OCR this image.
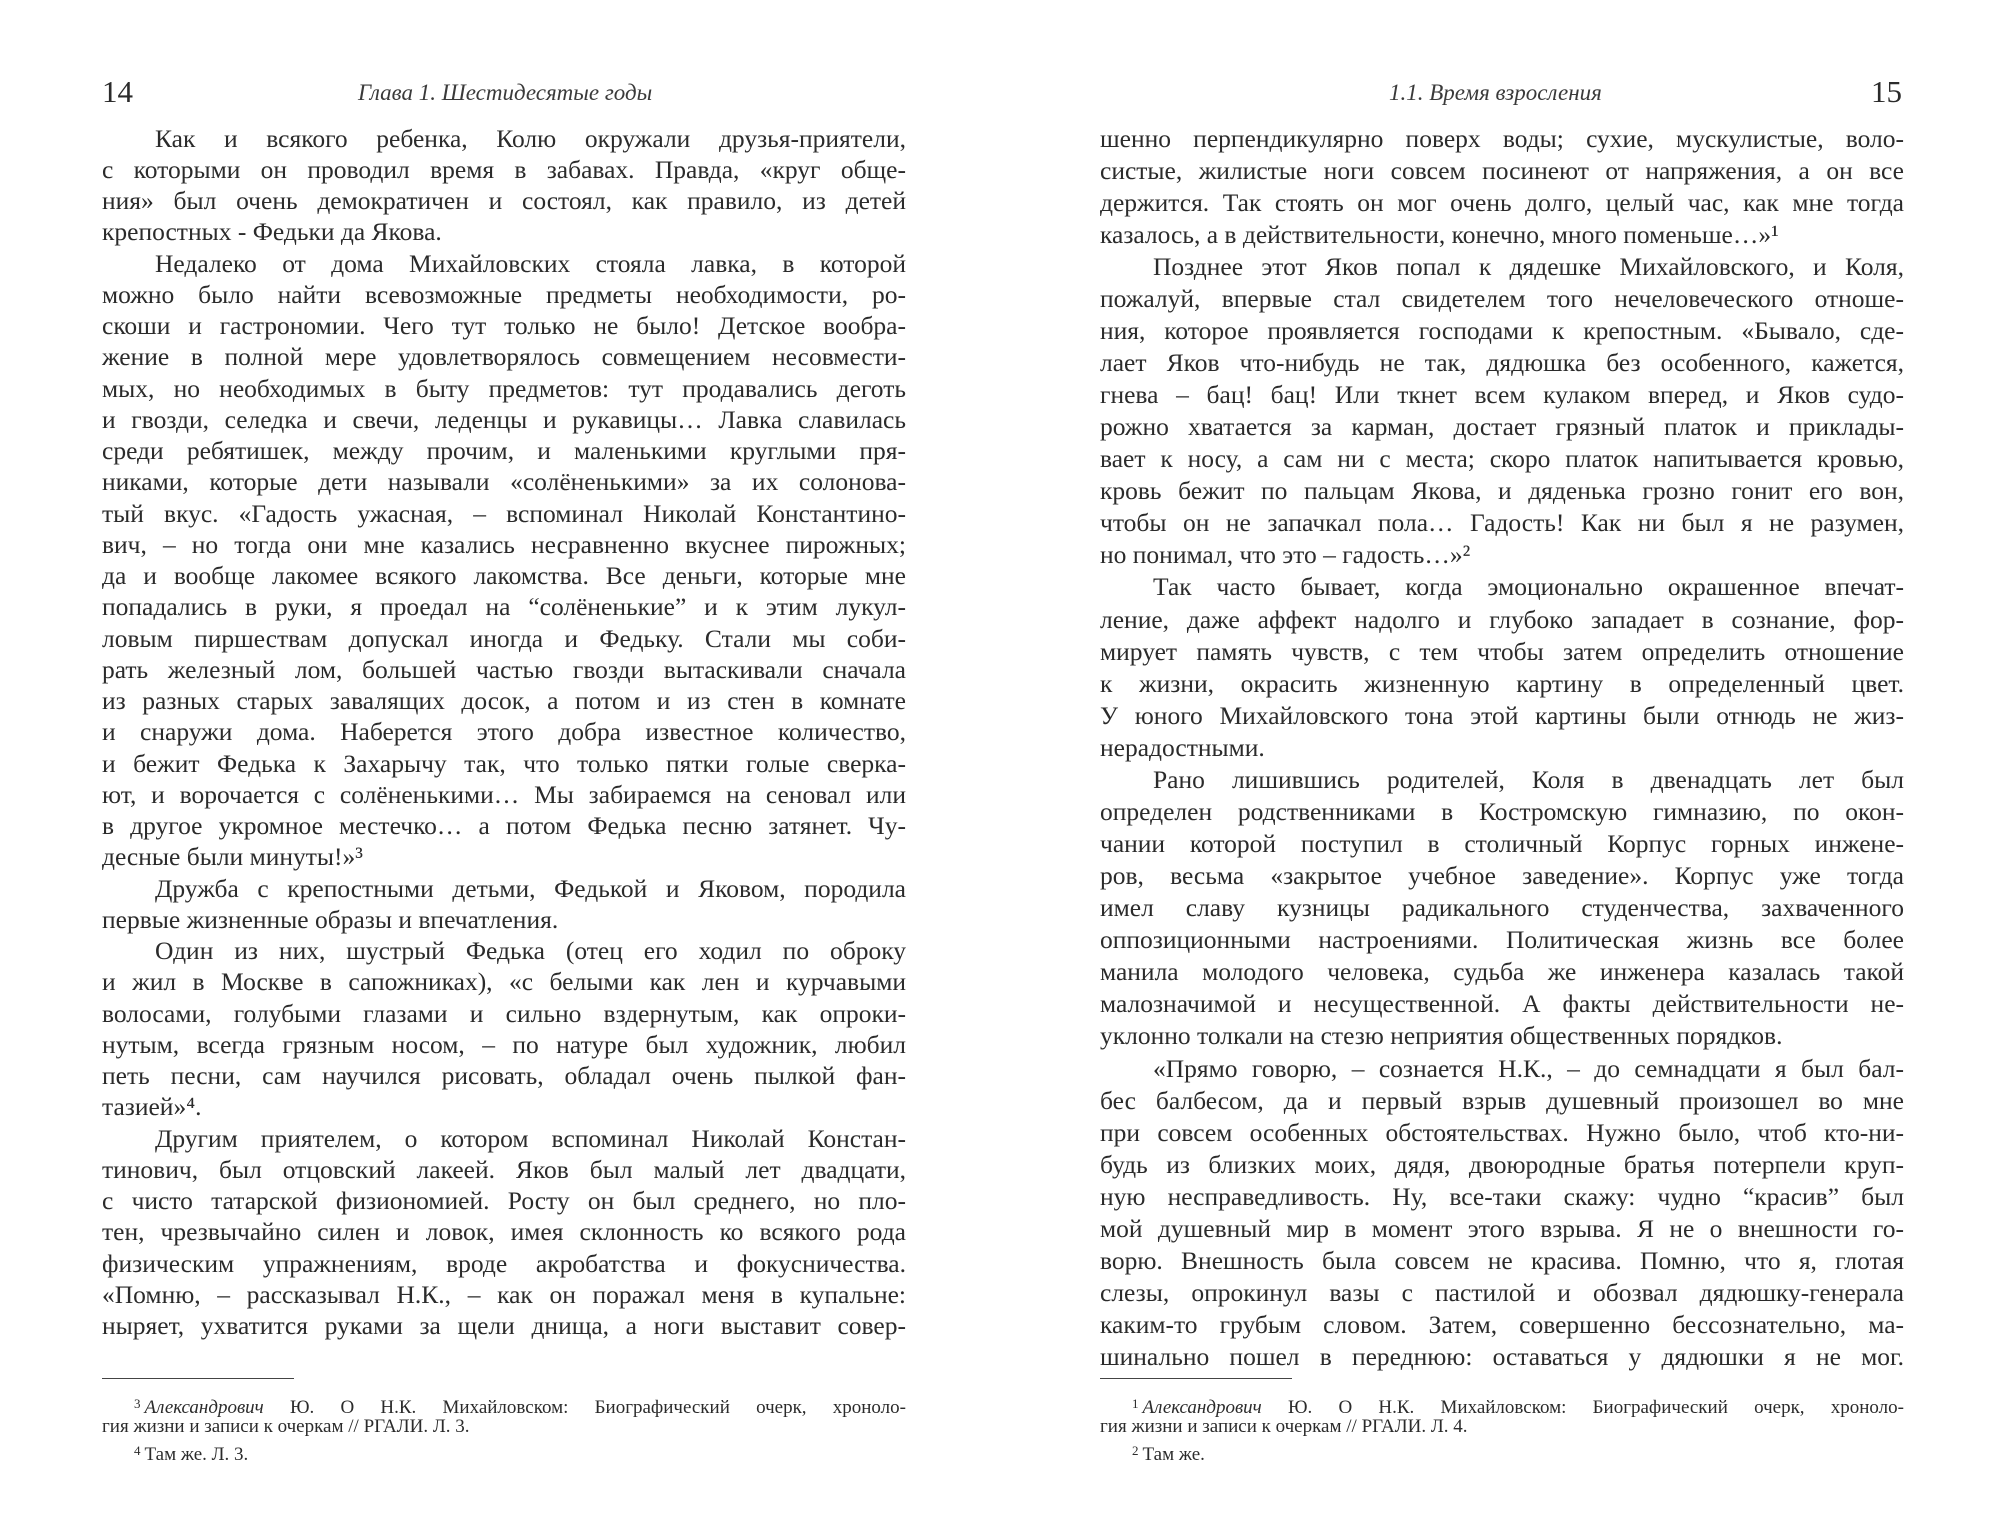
14	Глава 1. Шестидесятые годы
Как и всякого ребенка, Колю окружали друзья-приятели,
с которыми он проводил время в забавах. Правда, «круг обще-
ния» был очень демократичен и состоял, как правило, из детей
крепостных - Федьки да Якова.
Недалеко от дома Михайловских стояла лавка, в которой
можно было найти всевозможные предметы необходимости, ро-
скоши и гастрономии. Чего тут только не было! Детское вообра-
жение в полной мере удовлетворялось совмещением несовмести-
мых, но необходимых в быту предметов: тут продавались деготь
и гвозди, селедка и свечи, леденцы и рукавицы… Лавка славилась
среди ребятишек, между прочим, и маленькими круглыми пря-
никами, которые дети называли «солёненькими» за их солонова-
тый вкус. «Гадость ужасная, – вспоминал Николай Константино-
вич, – но тогда они мне казались несравненно вкуснее пирожных;
да и вообще лакомее всякого лакомства. Все деньги, которые мне
попадались в руки, я проедал на “солёненькие” и к этим лукул-
ловым пиршествам допускал иногда и Федьку. Стали мы соби-
рать железный лом, большей частью гвозди вытаскивали сначала
из разных старых завалящих досок, а потом и из стен в комнате
и снаружи дома. Наберется этого добра известное количество,
и бежит Федька к Захарычу так, что только пятки голые сверка-
ют, и ворочается с солёненькими… Мы забираемся на сеновал или
в другое укромное местечко… а потом Федька песню затянет. Чу-
десные были минуты!»³
Дружба с крепостными детьми, Федькой и Яковом, породила
первые жизненные образы и впечатления.
Один из них, шустрый Федька (отец его ходил по оброку
и жил в Москве в сапожниках), «с белыми как лен и курчавыми
волосами, голубыми глазами и сильно вздернутым, как опроки-
нутым, всегда грязным носом, – по натуре был художник, любил
петь песни, сам научился рисовать, обладал очень пылкой фан-
тазией»⁴.
Другим приятелем, о котором вспоминал Николай Констан-
тинович, был отцовский лакеей. Яков был малый лет двадцати,
с чисто татарской физиономией. Росту он был среднего, но пло-
тен, чрезвычайно силен и ловок, имея склонность ко всякого рода
физическим упражнениям, вроде акробатства и фокусничества.
«Помню, – рассказывал Н.К., – как он поражал меня в купальне:
ныряет, ухватится руками за щели днища, а ноги выставит совер-
$^3$ Александрович Ю. О Н.К. Михайловском: Биографический очерк, хроноло-
гия жизни и записи к очеркам // РГАЛИ. Л. 3.
$^4$ Там же. Л. 3.
15
1.1. Время взросления
шенно перпендикулярно поверх воды; сухие, мускулистые, воло-
систые, жилистые ноги совсем посинеют от напряжения, а он все
держится. Так стоять он мог очень долго, целый час, как мне тогда
казалось, а в действительности, конечно, много поменьше…»¹
Позднее этот Яков попал к дядешке Михайловского, и Коля,
пожалуй, впервые стал свидетелем того нечеловеческого отноше-
ния, которое проявляется господами к крепостным. «Бывало, сде-
лает Яков что-нибудь не так, дядюшка без особенного, кажется,
гнева – бац! бац! Или ткнет всем кулаком вперед, и Яков судо-
рожно хватается за карман, достает грязный платок и приклады-
вает к носу, а сам ни с места; скоро платок напитывается кровью,
кровь бежит по пальцам Якова, и дяденька грозно гонит его вон,
чтобы он не запачкал пола… Гадость! Как ни был я не разумен,
но понимал, что это – гадость…»²
Так часто бывает, когда эмоционально окрашенное впечат-
ление, даже аффект надолго и глубоко западает в сознание, фор-
мирует память чувств, с тем чтобы затем определить отношение
к жизни, окрасить жизненную картину в определенный цвет.
У юного Михайловского тона этой картины были отнюдь не жиз-
нерадостными.
Рано лишившись родителей, Коля в двенадцать лет был
определен родственниками в Костромскую гимназию, по окон-
чании которой поступил в столичный Корпус горных инжене-
ров, весьма «закрытое учебное заведение». Корпус уже тогда
имел славу кузницы радикального студенчества, захваченного
оппозиционными настроениями. Политическая жизнь все более
манила молодого человека, судьба же инженера казалась такой
малозначимой и несущественной. А факты действительности не-
уклонно толкали на стезю неприятия общественных порядков.
«Прямо говорю, – сознается Н.К., – до семнадцати я был бал-
бес балбесом, да и первый взрыв душевный произошел во мне
при совсем особенных обстоятельствах. Нужно было, чтоб кто-ни-
будь из близких моих, дядя, двоюродные братья потерпели круп-
ную несправедливость. Ну, все-таки скажу: чудно “красив” был
мой душевный мир в момент этого взрыва. Я не о внешности го-
ворю. Внешность была совсем не красива. Помню, что я, глотая
слезы, опрокинул вазы с пастилой и обозвал дядюшку-генерала
каким-то грубым словом. Затем, совершенно бессознательно, ма-
шинально пошел в переднюю: оставаться у дядюшки я не мог.
$^1$ Александрович Ю. О Н.К. Михайловском: Биографический очерк, хроноло-
гия жизни и записи к очеркам // РГАЛИ. Л. 4.
$^2$ Там же.
